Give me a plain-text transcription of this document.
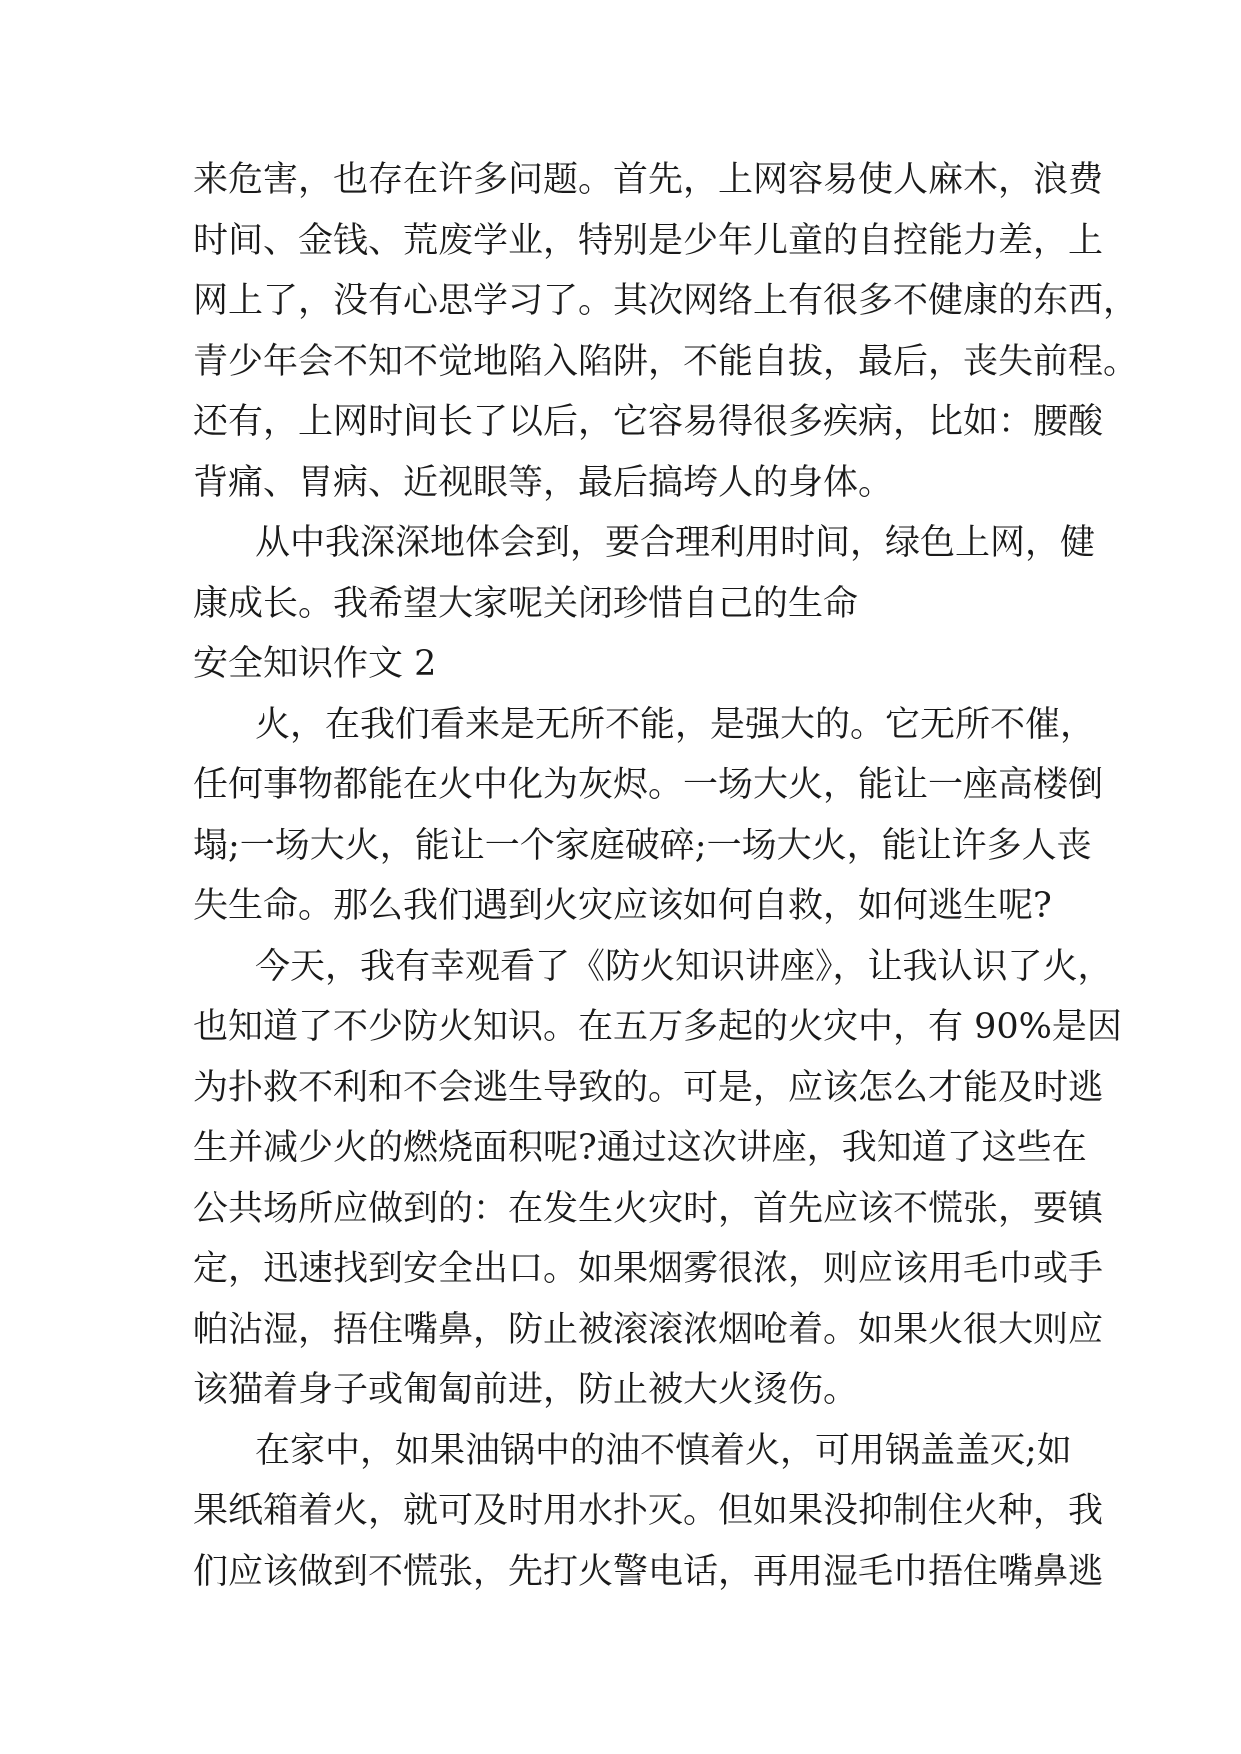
来危害，也存在许多问题。首先，上网容易使人麻木，浪费
时间、金钱、荒废学业，特别是少年儿童的自控能力差，上
网上了，没有心思学习了。其次网络上有很多不健康的东西，
青少年会不知不觉地陷入陷阱，不能自拔，最后，丧失前程。
还有，上网时间长了以后，它容易得很多疾病，比如：腰酸
背痛、胃病、近视眼等，最后搞垮人的身体。
从中我深深地体会到，要合理利用时间，绿色上网，健
康成长。我希望大家呢关闭珍惜自己的生命
安全知识作文 2
火，在我们看来是无所不能，是强大的。它无所不催，
任何事物都能在火中化为灰烬。一场大火，能让一座高楼倒
塌;一场大火，能让一个家庭破碎;一场大火，能让许多人丧
失生命。那么我们遇到火灾应该如何自救，如何逃生呢?
今天，我有幸观看了《防火知识讲座》，让我认识了火，
也知道了不少防火知识。在五万多起的火灾中，有 90%是因
为扑救不利和不会逃生导致的。可是，应该怎么才能及时逃
生并减少火的燃烧面积呢?通过这次讲座，我知道了这些在
公共场所应做到的：在发生火灾时，首先应该不慌张，要镇
定，迅速找到安全出口。如果烟雾很浓，则应该用毛巾或手
帕沾湿，捂住嘴鼻，防止被滚滚浓烟呛着。如果火很大则应
该猫着身子或匍匐前进，防止被大火烫伤。
在家中，如果油锅中的油不慎着火，可用锅盖盖灭;如
果纸箱着火，就可及时用水扑灭。但如果没抑制住火种，我
们应该做到不慌张，先打火警电话，再用湿毛巾捂住嘴鼻逃
